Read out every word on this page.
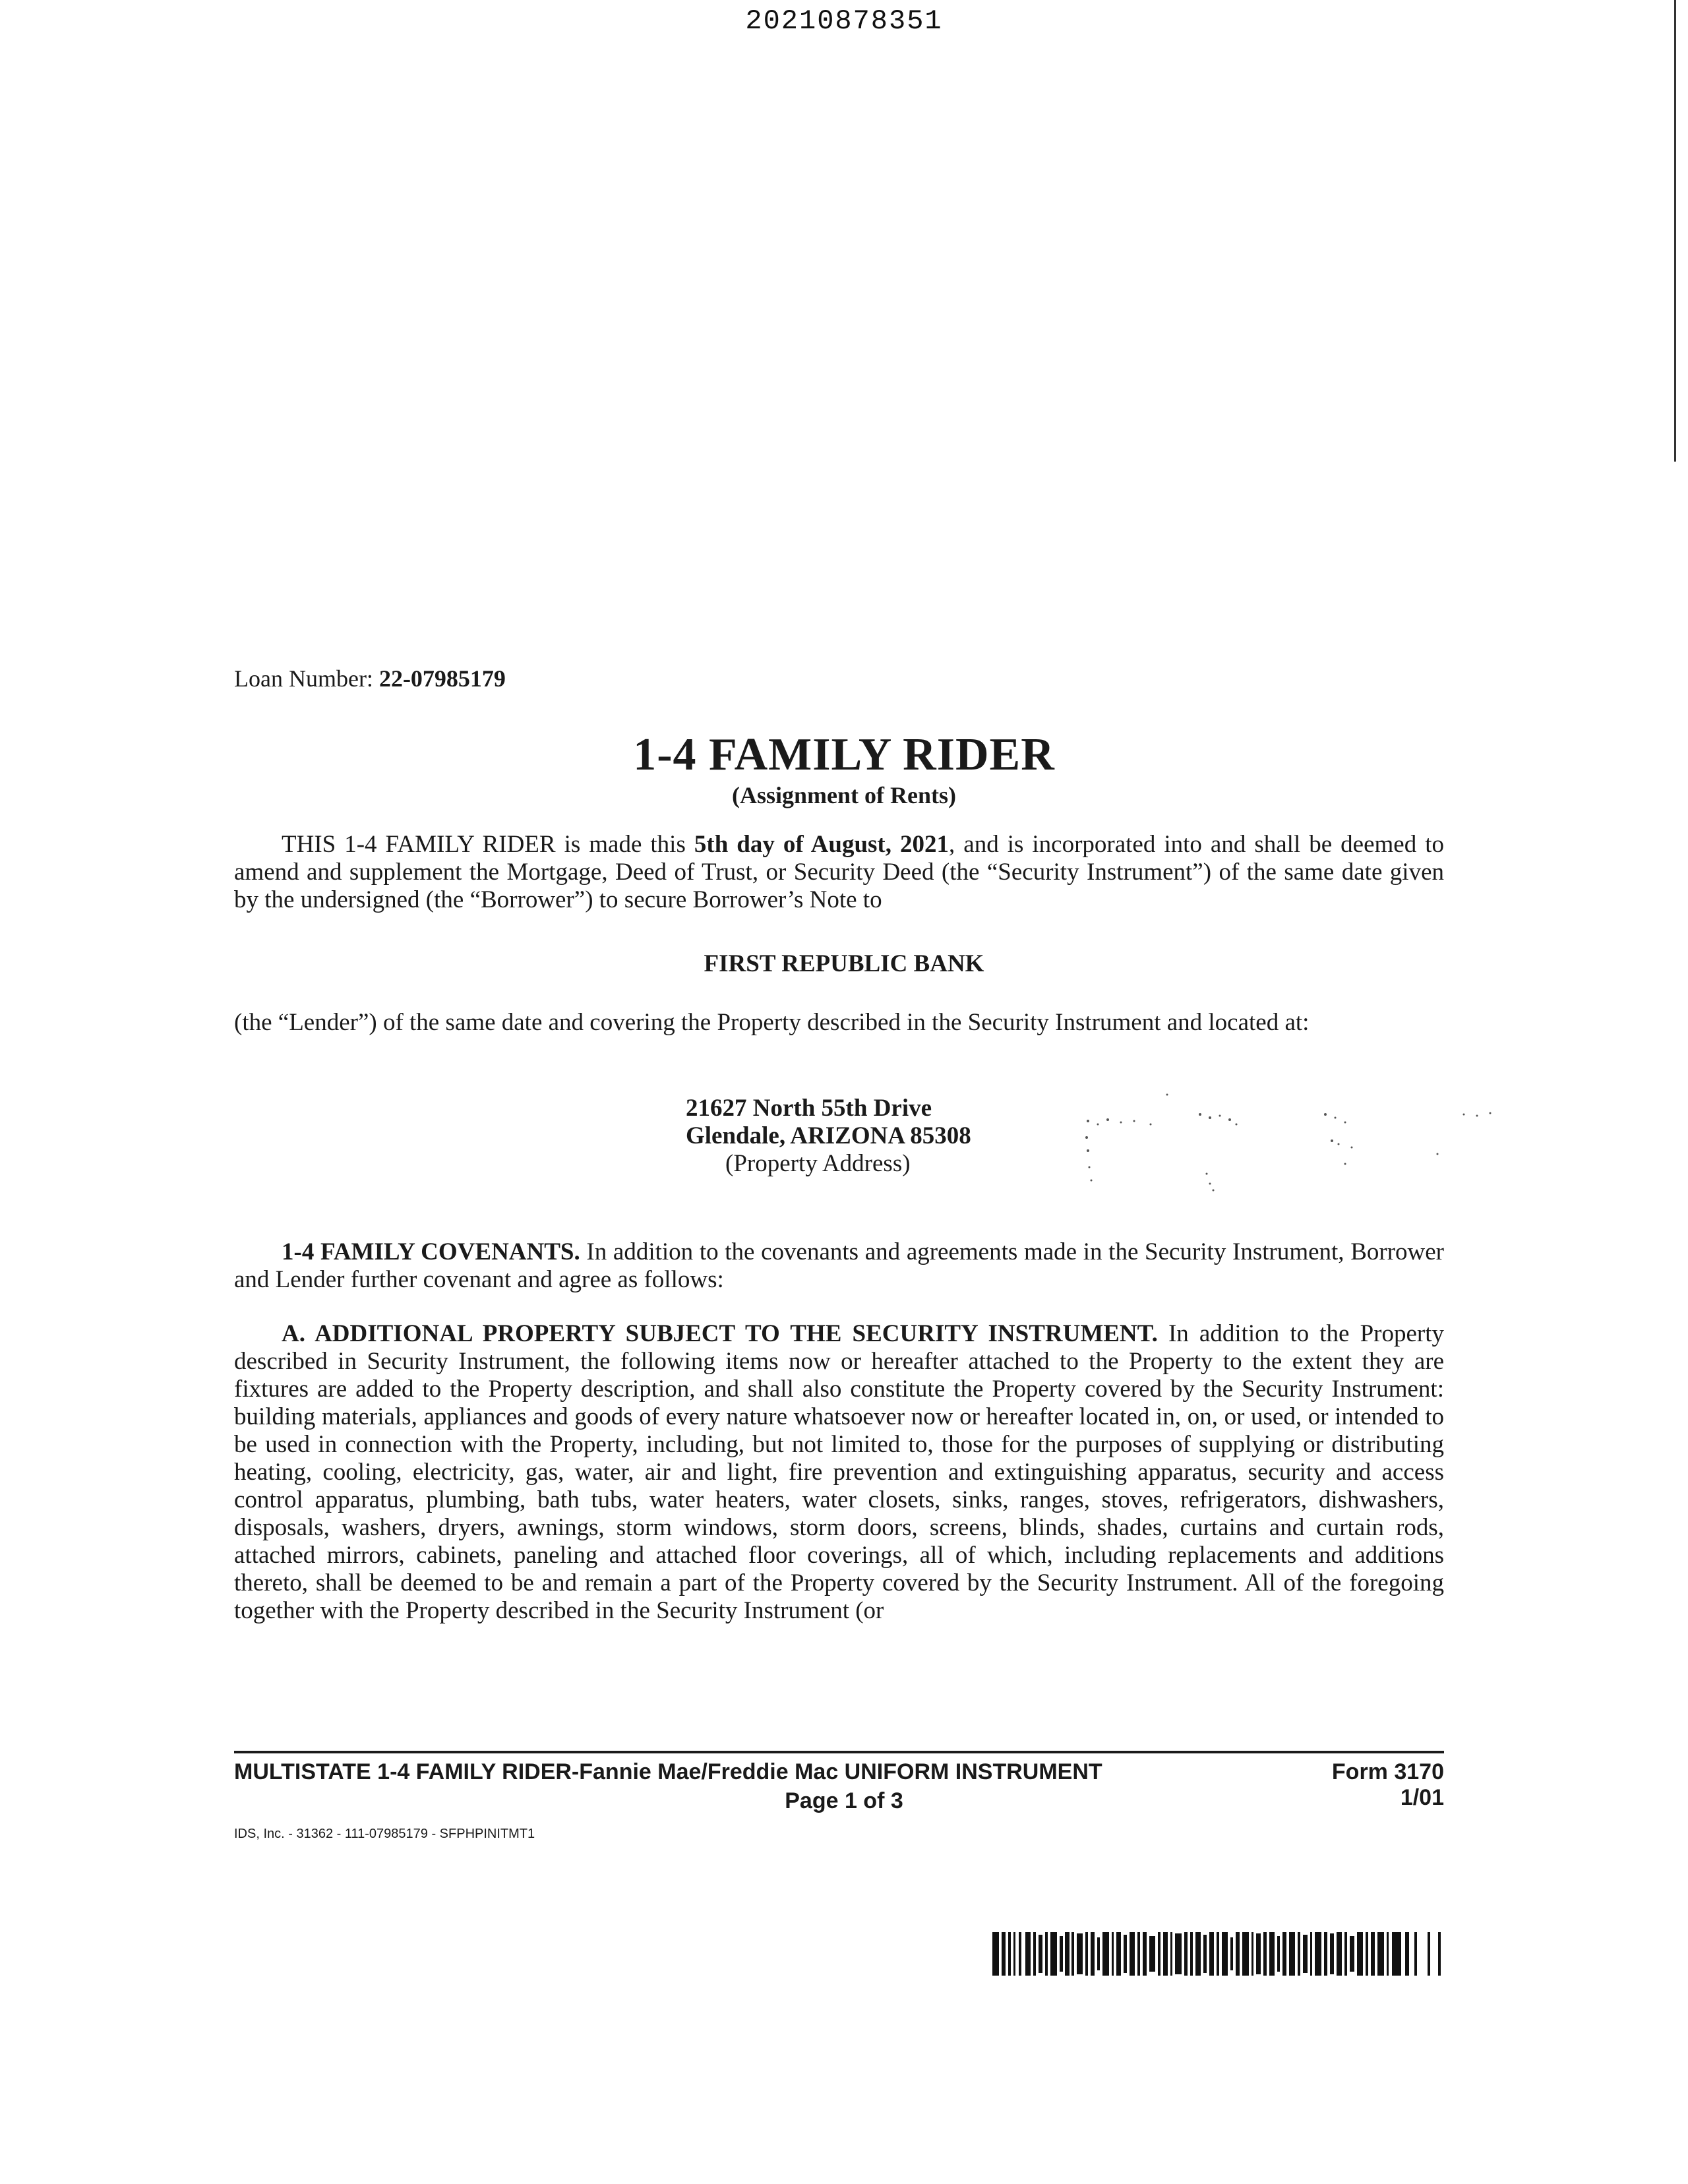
20210878351
Loan Number: 22-07985179
1-4 FAMILY RIDER
(Assignment of Rents)
THIS 1-4 FAMILY RIDER is made this 5th day of August, 2021, and is incorporated into and shall be deemed to amend and supplement the Mortgage, Deed of Trust, or Security Deed (the “Security Instrument”) of the same date given by the undersigned (the “Borrower”) to secure Borrower’s Note to
FIRST REPUBLIC BANK
(the “Lender”) of the same date and covering the Property described in the Security Instrument and located at:
21627 North 55th Drive
Glendale, ARIZONA 85308
(Property Address)
1-4 FAMILY COVENANTS. In addition to the covenants and agreements made in the Security Instrument, Borrower and Lender further covenant and agree as follows:
A. ADDITIONAL PROPERTY SUBJECT TO THE SECURITY INSTRUMENT. In addition to the Property described in Security Instrument, the following items now or hereafter attached to the Property to the extent they are fixtures are added to the Property description, and shall also constitute the Property covered by the Security Instrument: building materials, appliances and goods of every nature whatsoever now or hereafter located in, on, or used, or intended to be used in connection with the Property, including, but not limited to, those for the purposes of supplying or distributing heating, cooling, electricity, gas, water, air and light, fire prevention and extinguishing apparatus, security and access control apparatus, plumbing, bath tubs, water heaters, water closets, sinks, ranges, stoves, refrigerators, dishwashers, disposals, washers, dryers, awnings, storm windows, storm doors, screens, blinds, shades, curtains and curtain rods, attached mirrors, cabinets, paneling and attached floor coverings, all of which, including replacements and additions thereto, shall be deemed to be and remain a part of the Property covered by the Security Instrument. All of the foregoing together with the Property described in the Security Instrument (or
MULTISTATE 1-4 FAMILY RIDER-Fannie Mae/Freddie Mac UNIFORM INSTRUMENT	Form 3170 1/01
Page 1 of 3
IDS, Inc. - 31362 - 111-07985179 - SFPHPINITMT1
